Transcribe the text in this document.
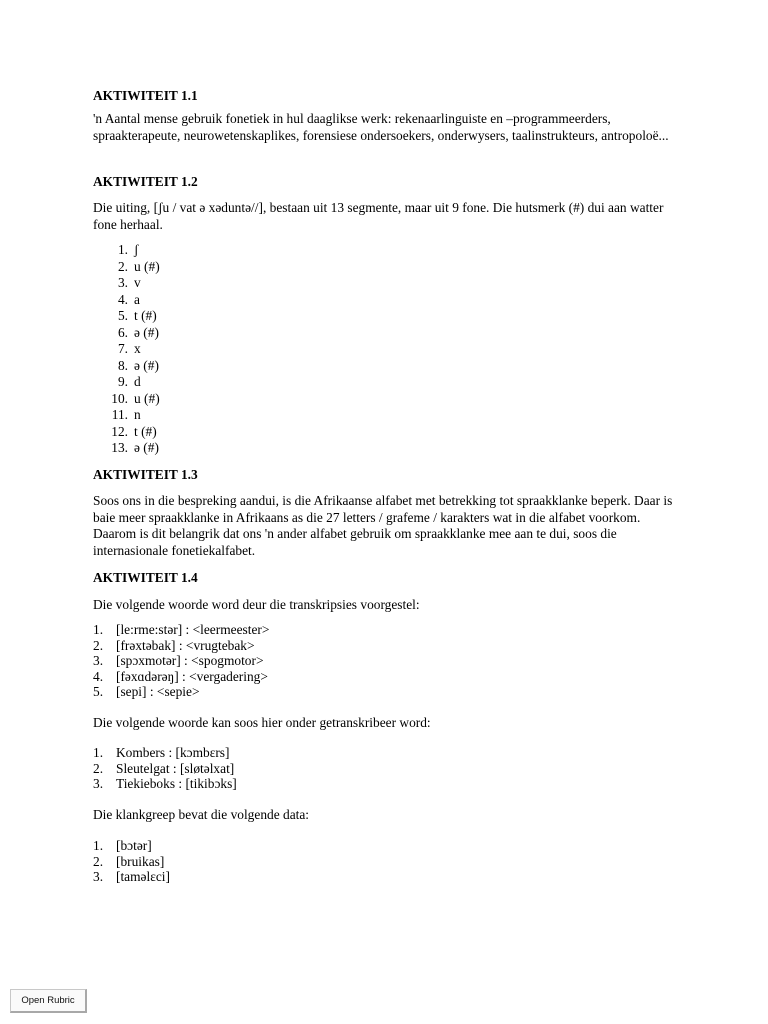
AKTIWITEIT 1.1

'n Aantal mense gebruik fonetiek in hul daaglikse werk: rekenaarlinguiste en –programmeerders, spraakterapeute, neurowetenskaplikes, forensiese ondersoekers, onderwysers, taalinstrukteurs, antropoloë...

AKTIWITEIT 1.2

Die uiting, [ʃu / vat ə xəduntə//], bestaan uit 13 segmente, maar uit 9 fone. Die hutsmerk (#) dui aan watter fone herhaal.

1. ʃ
2. u (#)
3. v
4. a
5. t (#)
6. ə (#)
7. x
8. ə (#)
9. d
10. u (#)
11. n
12. t (#)
13. ə (#)
AKTIWITEIT 1.3

Soos ons in die bespreking aandui, is die Afrikaanse alfabet met betrekking tot spraakklanke beperk. Daar is baie meer spraakklanke in Afrikaans as die 27 letters / grafeme / karakters wat in die alfabet voorkom. Daarom is dit belangrik dat ons 'n ander alfabet gebruik om spraakklanke mee aan te dui, soos die internasionale fonetiekalfabet.

AKTIWITEIT 1.4

Die volgende woorde word deur die transkripsies voorgestel:

1. [le:rme:stər] : <leermeester>
2. [frəxtəbak] : <vrugtebak>
3. [spɔxmotər] : <spogmotor>
4. [fəxɑdərəŋ] : <vergadering>
5. [sepi] : <sepie>

Die volgende woorde kan soos hier onder getranskribeer word:

1. Kombers : [kɔmbɛrs]
2. Sleutelgat : [sløtəlxat]
3. Tiekieboks : [tikibɔks]

Die klankgreep bevat die volgende data:

1. [bɔtər]
2. [bruikas]
3. [taməlɛci]
Open Rubric
